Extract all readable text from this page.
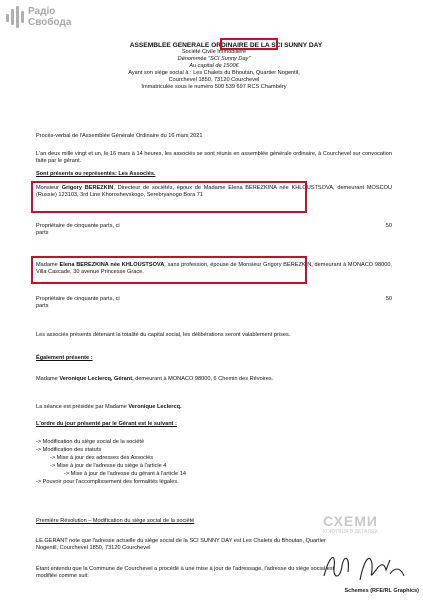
Радіо
Свобода
ASSEMBLEE GENERALE ORDINAIRE DE LA SCI SUNNY DAY
Société Civile Immobilière
Dénommée "SCI Sunny Day"
Au capital de 1500€
Ayant son siège social à : Les Chalets du Bhoutan, Quartier Nogentil,
Courchevel 1850, 73120 Courchevel
Immatriculée sous le numéro 500 539 697 RCS Chambéry
Procès-verbal de l'Assemblée Générale Ordinaire du 16 mars 2021
L'an deux mille vingt et un, le 16 mars à 14 heures, les associés se sont réunis en assemblée générale ordinaire, à Courchevel sur convocation faite par le gérant.
Sont présents ou représentés: Les Associés.
Monsieur Grigory BEREZKIN, Directeur de sociétés, époux de Madame Elena BEREZKINA née KHLOUSTSOVA, demeurant MOSCOU (Russie) 123103, 3rd Line Khoroshevskogo, Serebryanogo Bora 71
Propriétaire de cinquante parts, ci	50
parts
Madame Elena BEREZKINA née KHLOUSTSOVA, sans profession, épouse de Monsieur Grigory BEREZKIN, demeurant à MONACO 98000, Villa Cascade, 30 avenue Princesse Grace.
Propriétaire de cinquante parts, ci	50
parts
Les associés présents détenant la totalité du capital social, les délibérations seront valablement prises.
Également présente :
Madame Veronique Leclercq, Gérant, demeurant à MONACO 98000, 6 Chemin des Révoires.
La séance est présidée par Madame Veronique Leclercq.
L'ordre du jour présenté par le Gérant est le suivant :
-> Modification du siège social de la société
-> Modification des statuts
-> Mise à jour des adresses des Associés
-> Mise à jour de l'adresse du siège à l'article 4
-> Mise à jour de l'adresse du gérant à l'article 14
-> Pouvoir pour l'accomplissement des formalités légales.
Première Résolution – Modification du siège social de la société
LE GERANT note que l'adresse actuelle du siège social de la SCI SUNNY DAY est Les Chalets du Bhoutan, Quartier Nogentil, Courchevel 1850, 73120 Courchevel
Étant entendu que la Commune de Courchevel a procédé à une mise à jour de l'adressage, l'adresse du siège social est modifiée comme suit:
СХЕМИ
КОРУПЦІЯ В ДЕТАЛЯХ
Schemes (RFE/RL Graphics)
